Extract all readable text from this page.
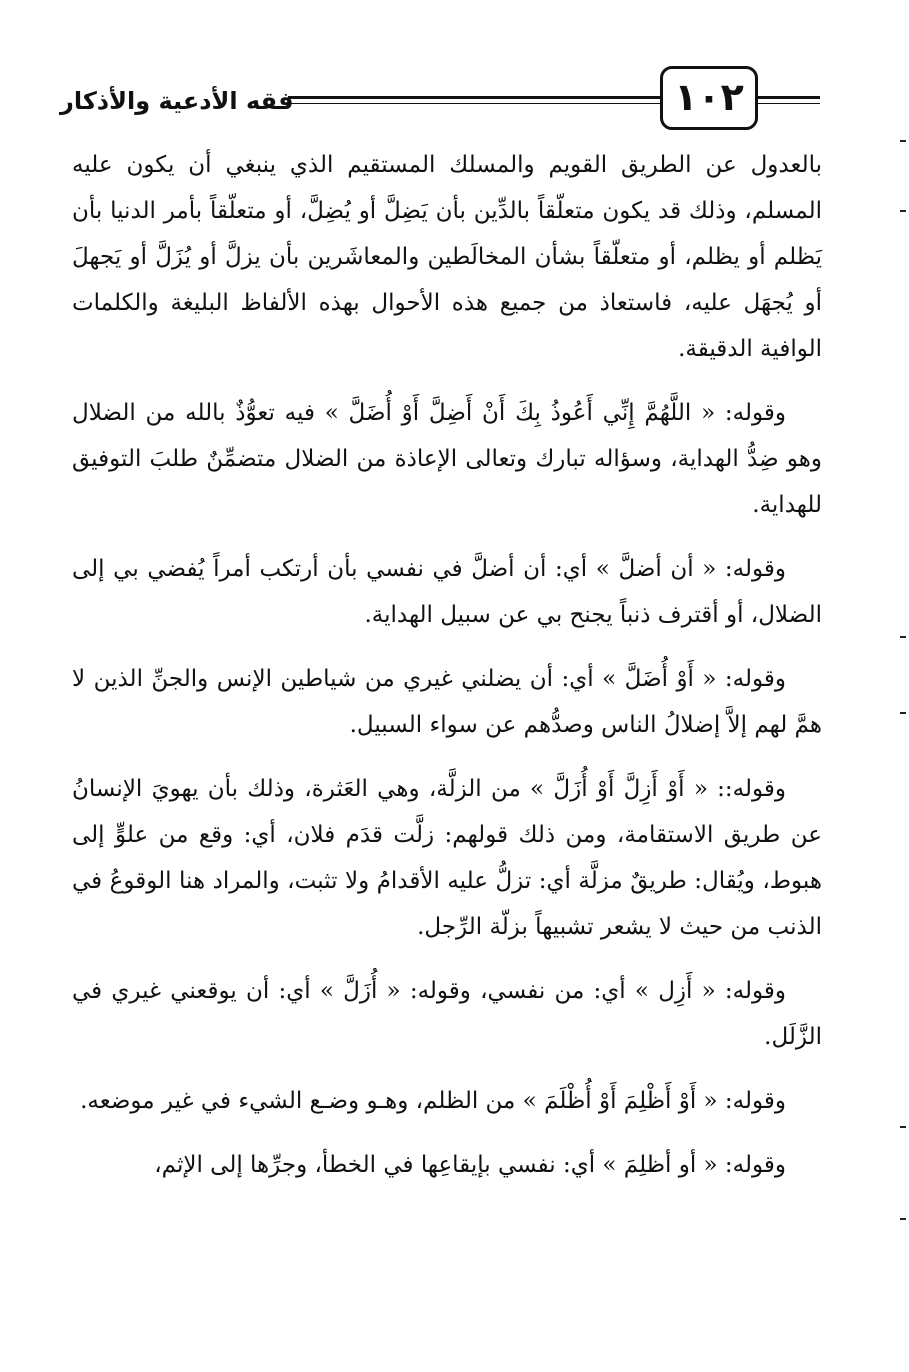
فقه الأدعية والأذكار	١٠٢

بالعدول عن الطريق القويم والمسلك المستقيم الذي ينبغي أن يكون عليه المسلم، وذلك قد يكون متعلّقاً بالدِّين بأن يَضِلَّ أو يُضِلَّ، أو متعلّقاً بأمر الدنيا بأن يَظلم أو يظلم، أو متعلّقاً بشأن المخالَطين والمعاشَرين بأن يزلَّ أو يُزَلَّ أو يَجهلَ أو يُجهَل عليه، فاستعاذ من جميع هذه الأحوال بهذه الألفاظ البليغة والكلمات الوافية الدقيقة.

وقوله: « اللَّهُمَّ إِنِّي أَعُوذُ بِكَ أَنْ أَضِلَّ أَوْ أُضَلَّ » فيه تعوُّذٌ بالله من الضلال وهو ضِدُّ الهداية، وسؤاله تبارك وتعالى الإعاذة من الضلال متضمِّنٌ طلبَ التوفيق للهداية.

وقوله: « أن أضلَّ » أي: أن أضلَّ في نفسي بأن أرتكب أمراً يُفضي بي إلى الضلال، أو أقترف ذنباً يجنح بي عن سبيل الهداية.

وقوله: « أَوْ أُضَلَّ » أي: أن يضلني غيري من شياطين الإنس والجنِّ الذين لا همَّ لهم إلاَّ إضلالُ الناس وصدُّهم عن سواء السبيل.

وقوله:: « أَوْ أَزِلَّ أَوْ أُزَلَّ » من الزلَّة، وهي العَثرة، وذلك بأن يهويَ الإنسانُ عن طريق الاستقامة، ومن ذلك قولهم: زلَّت قدَم فلان، أي: وقع من علوٍّ إلى هبوط، ويُقال: طريقٌ مزلَّة أي: تزلُّ عليه الأقدامُ ولا تثبت، والمراد هنا الوقوعُ في الذنب من حيث لا يشعر تشبيهاً بزلّة الرِّجل.

وقوله: « أَزِل » أي: من نفسي، وقوله: « أُزَلَّ » أي: أن يوقعني غيري في الزَّلَل.

وقوله: « أَوْ أَظْلِمَ أَوْ أُظْلَمَ » من الظلم، وهـو وضـع الشيء في غير موضعه.

وقوله: « أو أظلِمَ » أي: نفسي بإيقاعِها في الخطأ، وجرِّها إلى الإثم،
